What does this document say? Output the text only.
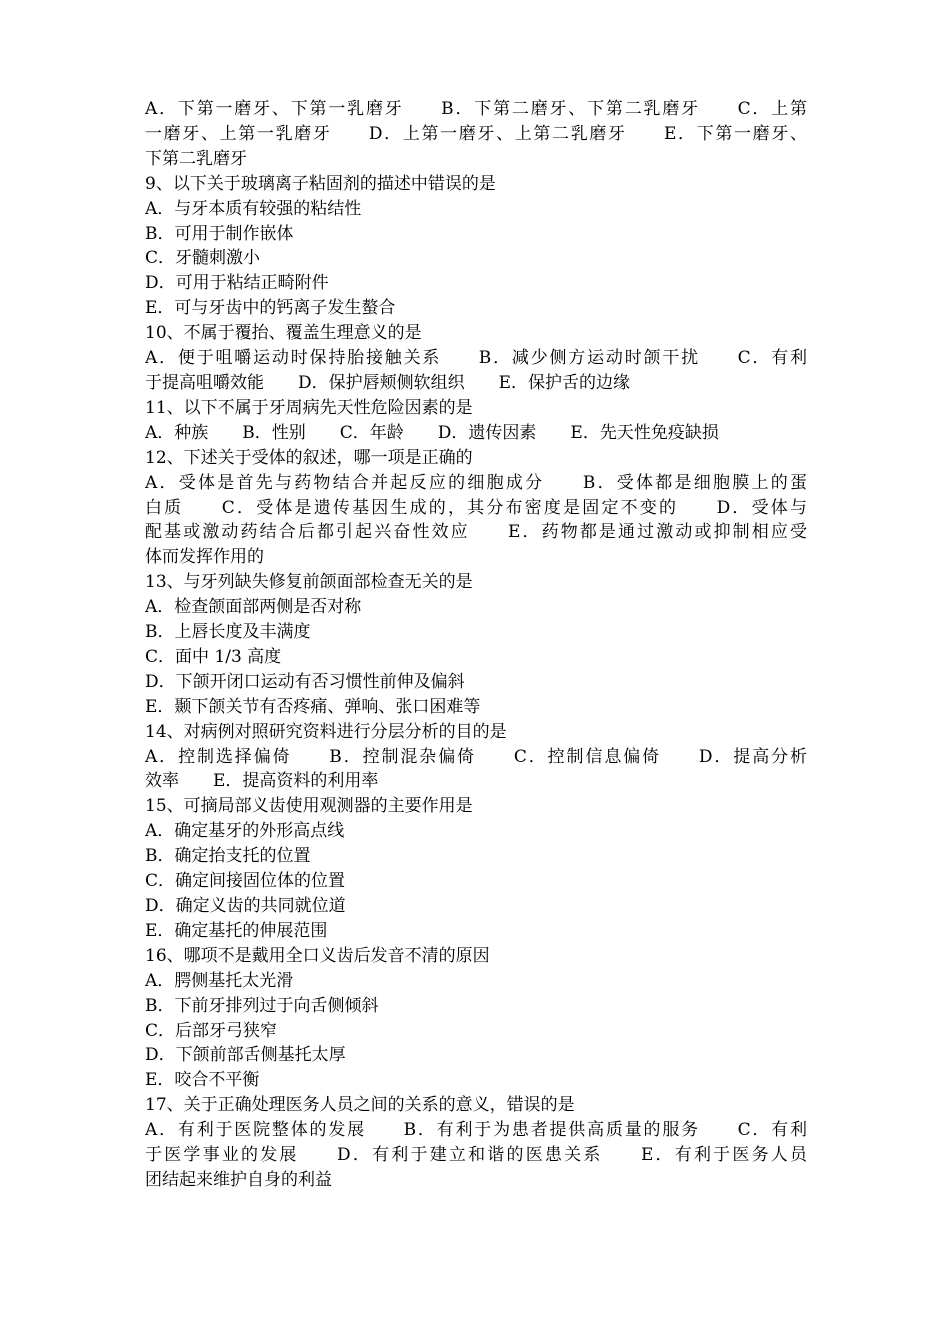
A．下第一磨牙、下第一乳磨牙　　B．下第二磨牙、下第二乳磨牙　　C．上第
一磨牙、上第一乳磨牙　　D．上第一磨牙、上第二乳磨牙　　E．下第一磨牙、
下第二乳磨牙
9、以下关于玻璃离子粘固剂的描述中错误的是
A．与牙本质有较强的粘结性
B．可用于制作嵌体
C．牙髓刺激小
D．可用于粘结正畸附件
E．可与牙齿中的钙离子发生螯合
10、不属于覆抬、覆盖生理意义的是
A．便于咀嚼运动时保持胎接触关系　　B．减少侧方运动时颌干扰　　C．有利
于提高咀嚼效能　　D．保护唇颊侧软组织　　E．保护舌的边缘
11、以下不属于牙周病先天性危险因素的是
A．种族　　B．性别　　C．年龄　　D．遗传因素　　E．先天性免疫缺损
12、下述关于受体的叙述，哪一项是正确的
A．受体是首先与药物结合并起反应的细胞成分　　B．受体都是细胞膜上的蛋
白质　　C．受体是遗传基因生成的，其分布密度是固定不变的　　D．受体与
配基或激动药结合后都引起兴奋性效应　　E．药物都是通过激动或抑制相应受
体而发挥作用的
13、与牙列缺失修复前颌面部检查无关的是
A．检查颌面部两侧是否对称
B．上唇长度及丰满度
C．面中 1/3 高度
D．下颌开闭口运动有否习惯性前伸及偏斜
E．颞下颌关节有否疼痛、弹响、张口困难等
14、对病例对照研究资料进行分层分析的目的是
A．控制选择偏倚　　B．控制混杂偏倚　　C．控制信息偏倚　　D．提高分析
效率　　E．提高资料的利用率
15、可摘局部义齿使用观测器的主要作用是
A．确定基牙的外形高点线
B．确定抬支托的位置
C．确定间接固位体的位置
D．确定义齿的共同就位道
E．确定基托的伸展范围
16、哪项不是戴用全口义齿后发音不清的原因
A．腭侧基托太光滑
B．下前牙排列过于向舌侧倾斜
C．后部牙弓狭窄
D．下颌前部舌侧基托太厚
E．咬合不平衡
17、关于正确处理医务人员之间的关系的意义，错误的是
A．有利于医院整体的发展　　B．有利于为患者提供高质量的服务　　C．有利
于医学事业的发展　　D．有利于建立和谐的医患关系　　E．有利于医务人员
团结起来维护自身的利益
